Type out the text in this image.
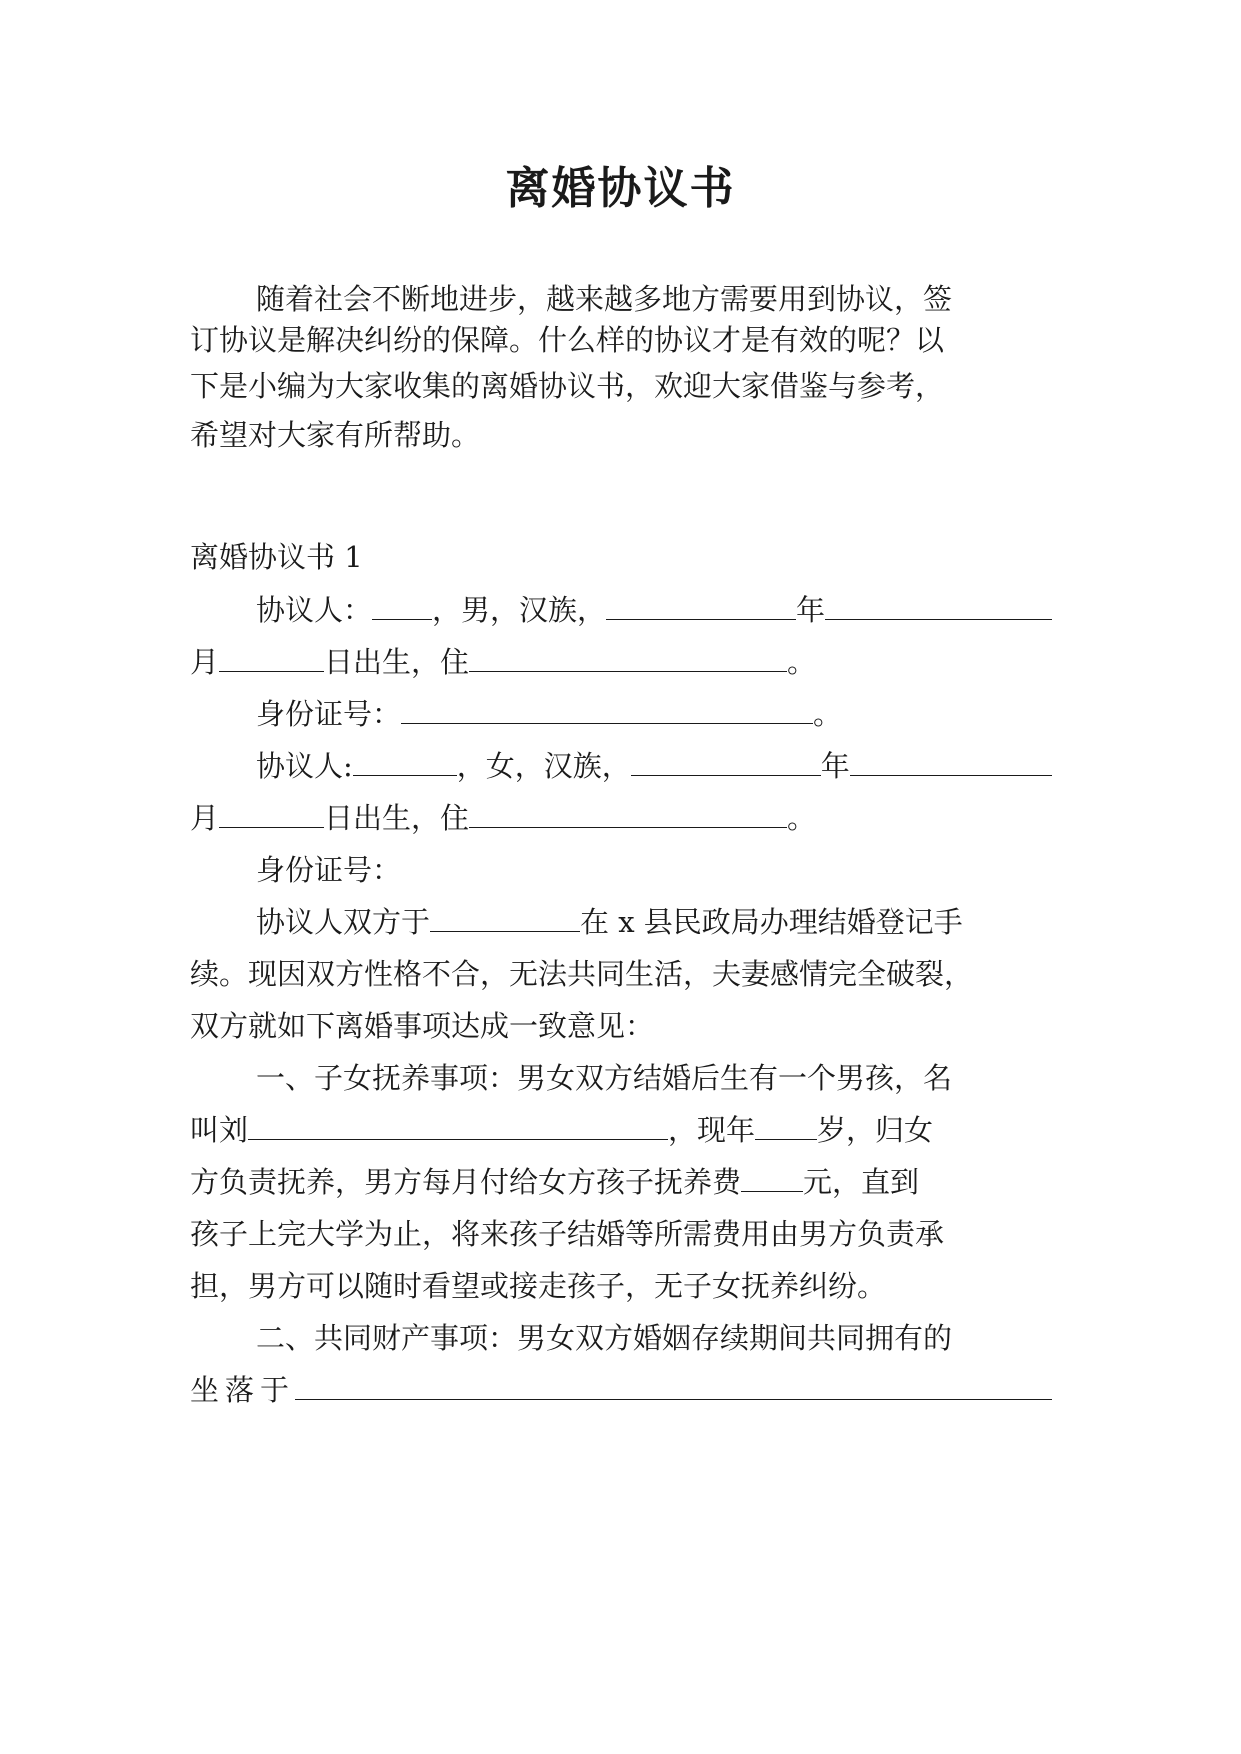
离婚协议书
随着社会不断地进步，越来越多地方需要用到协议，签
订协议是解决纠纷的保障。什么样的协议才是有效的呢？以
下是小编为大家收集的离婚协议书，欢迎大家借鉴与参考，
希望对大家有所帮助。
离婚协议书 1
协议人： ，男，汉族，	年
月	日出生，住	。
身份证号：	。
协议人:	，女，汉族，	年
月	日出生，住	。
身份证号：
协议人双方于	在 x 县民政局办理结婚登记手
续。现因双方性格不合，无法共同生活，夫妻感情完全破裂，
双方就如下离婚事项达成一致意见：
一、子女抚养事项：男女双方结婚后生有一个男孩，名
叫刘	，现年 岁，归女
方负责抚养，男方每月付给女方孩子抚养费 元，直到
孩子上完大学为止，将来孩子结婚等所需费用由男方负责承
担，男方可以随时看望或接走孩子，无子女抚养纠纷。
二、共同财产事项：男女双方婚姻存续期间共同拥有的
坐落于
